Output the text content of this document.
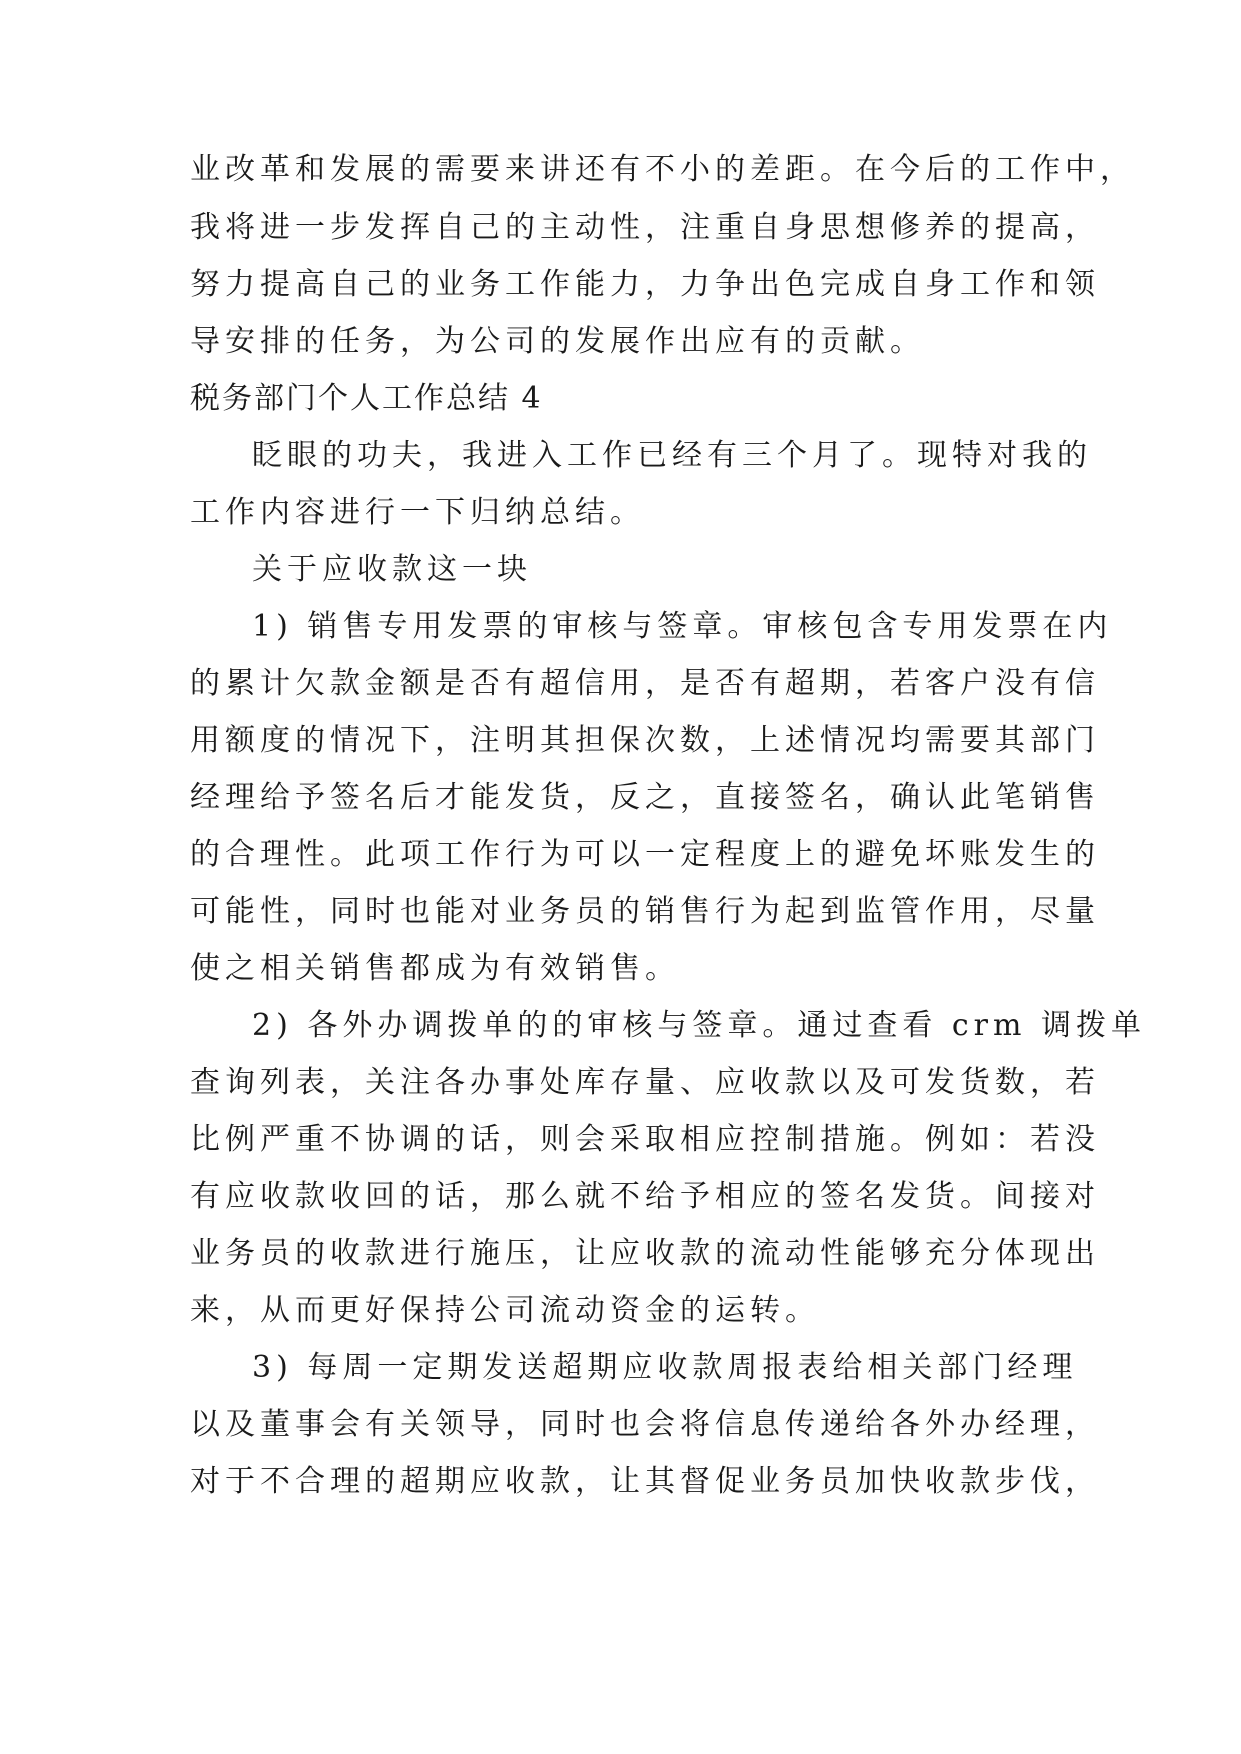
业改革和发展的需要来讲还有不小的差距。在今后的工作中，
我将进一步发挥自己的主动性，注重自身思想修养的提高，
努力提高自己的业务工作能力，力争出色完成自身工作和领
导安排的任务，为公司的发展作出应有的贡献。
税务部门个人工作总结 4
眨眼的功夫，我进入工作已经有三个月了。现特对我的
工作内容进行一下归纳总结。
关于应收款这一块
1) 销售专用发票的审核与签章。审核包含专用发票在内
的累计欠款金额是否有超信用，是否有超期，若客户没有信
用额度的情况下，注明其担保次数，上述情况均需要其部门
经理给予签名后才能发货，反之，直接签名，确认此笔销售
的合理性。此项工作行为可以一定程度上的避免坏账发生的
可能性，同时也能对业务员的销售行为起到监管作用，尽量
使之相关销售都成为有效销售。
2) 各外办调拨单的的审核与签章。通过查看 crm 调拨单
查询列表，关注各办事处库存量、应收款以及可发货数，若
比例严重不协调的话，则会采取相应控制措施。例如：若没
有应收款收回的话，那么就不给予相应的签名发货。间接对
业务员的收款进行施压，让应收款的流动性能够充分体现出
来，从而更好保持公司流动资金的运转。
3) 每周一定期发送超期应收款周报表给相关部门经理
以及董事会有关领导，同时也会将信息传递给各外办经理，
对于不合理的超期应收款，让其督促业务员加快收款步伐，
